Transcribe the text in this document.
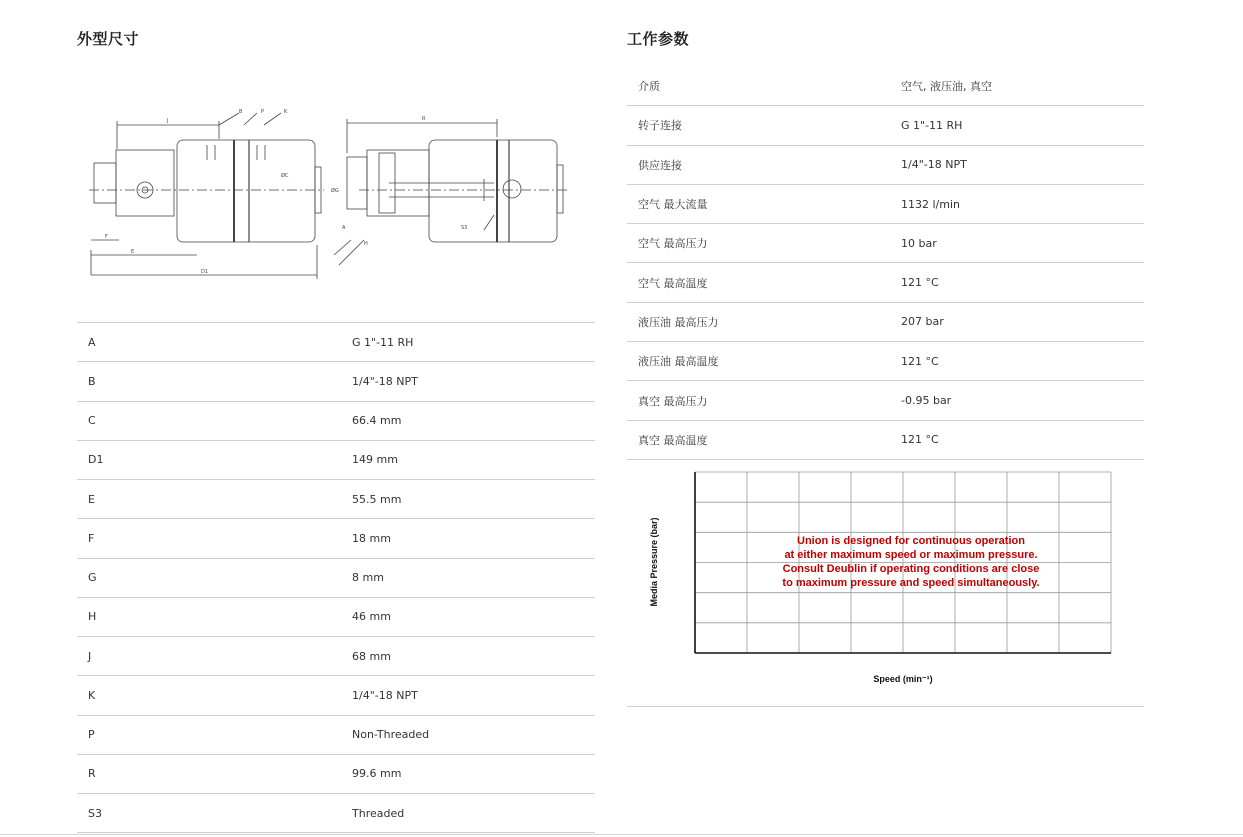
外型尺寸
J
B	P	K
F
E
D1
ØC
R
ØG
A
H
S3
A	G 1"-11 RH
B	1/4"-18 NPT
C	66.4 mm
D1	149 mm
E	55.5 mm
F	18 mm
G	8 mm
H	46 mm
J	68 mm
K	1/4"-18 NPT
P	Non-Threaded
R	99.6 mm
S3	Threaded
工作参数
介质	空气, 液压油, 真空
转子连接	G 1"-11 RH
供应连接	1/4"-18 NPT
空气 最大流量	1132 l/min
空气 最高压力	10 bar
空气 最高温度	121 °C
液压油 最高压力	207 bar
液压油 最高温度	121 °C
真空 最高压力	-0.95 bar
真空 最高温度	121 °C
Media Pressure (bar)
Speed (min⁻¹)
Union is designed for continuous operation
at either maximum speed or maximum pressure.
Consult Deublin if operating conditions are close
to maximum pressure and speed simultaneously.
